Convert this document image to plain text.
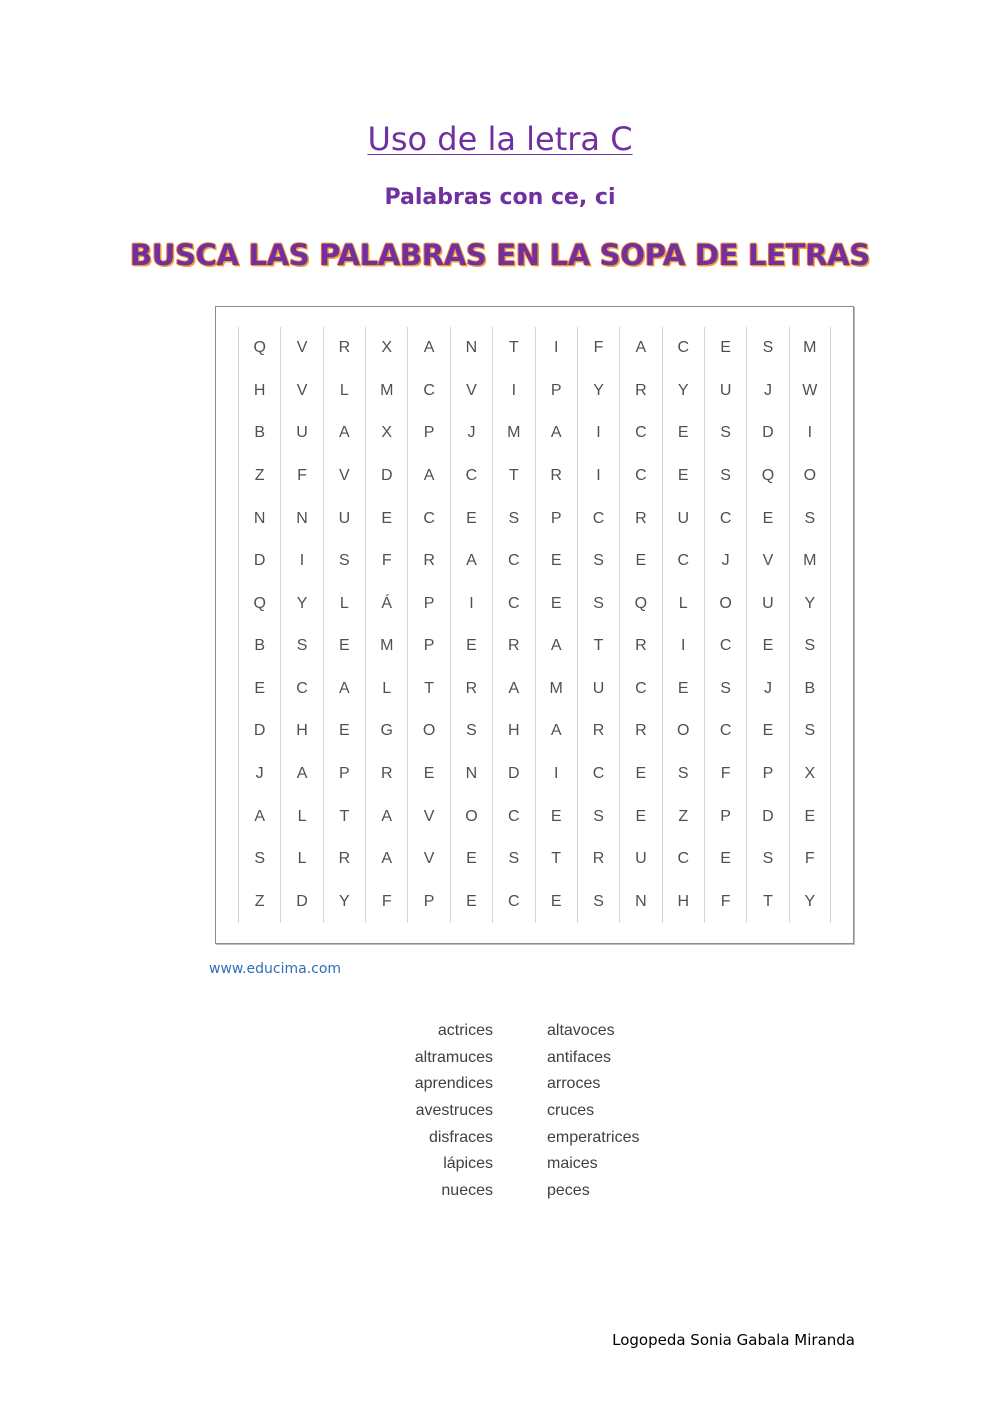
Uso de la letra C
Palabras con ce, ci
BUSCA LAS PALABRAS EN LA SOPA DE LETRAS
Q	V	R	X	A	N	T	I	F	A	C	E	S	M
H	V	L	M	C	V	I	P	Y	R	Y	U	J	W
B	U	A	X	P	J	M	A	I	C	E	S	D	I
Z	F	V	D	A	C	T	R	I	C	E	S	Q	O
N	N	U	E	C	E	S	P	C	R	U	C	E	S
D	I	S	F	R	A	C	E	S	E	C	J	V	M
Q	Y	L	Á	P	I	C	E	S	Q	L	O	U	Y
B	S	E	M	P	E	R	A	T	R	I	C	E	S
E	C	A	L	T	R	A	M	U	C	E	S	J	B
D	H	E	G	O	S	H	A	R	R	O	C	E	S
J	A	P	R	E	N	D	I	C	E	S	F	P	X
A	L	T	A	V	O	C	E	S	E	Z	P	D	E
S	L	R	A	V	E	S	T	R	U	C	E	S	F
Z	D	Y	F	P	E	C	E	S	N	H	F	T	Y
www.educima.com
actrices
altramuces
aprendices
avestruces
disfraces
lápices
nueces
altavoces
antifaces
arroces
cruces
emperatrices
maices
peces
Logopeda Sonia Gabala Miranda
